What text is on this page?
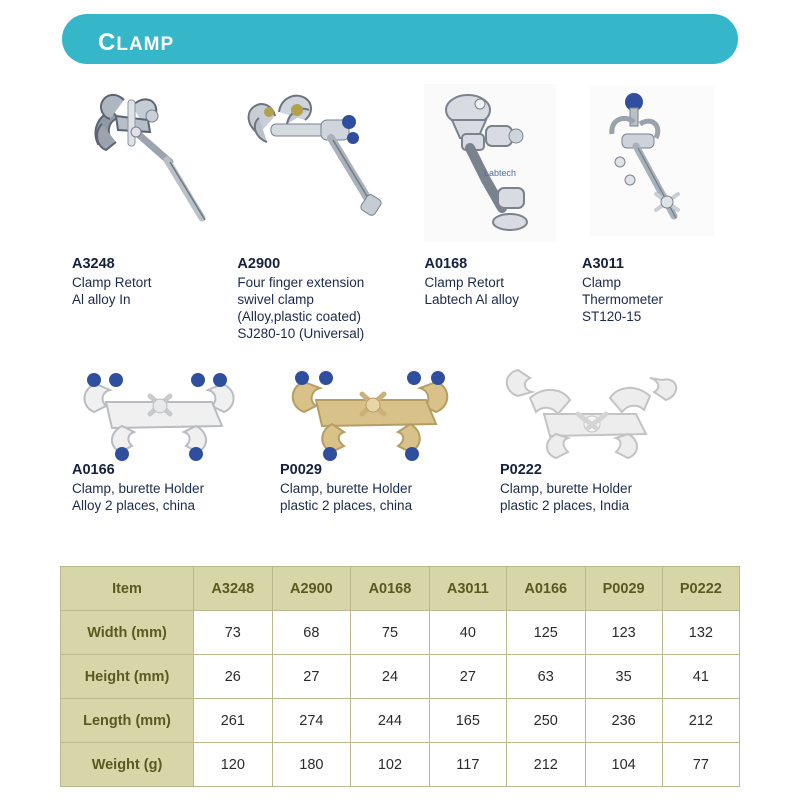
clamp
A3248
Clamp Retort
Al alloy In
A2900
Four finger extension
swivel clamp
(Alloy,plastic coated)
SJ280-10 (Universal)
Labtech
A0168
Clamp Retort
Labtech Al alloy
A3011
Clamp
Thermometer
ST120-15
A0166
Clamp, burette Holder
Alloy 2 places, china
P0029
Clamp, burette Holder
plastic 2 places, china
P0222
Clamp, burette Holder
plastic 2 places, India
Item	A3248	A2900	A0168	A3011	A0166	P0029	P0222
Width (mm)	73	68	75	40	125	123	132
Height (mm)	26	27	24	27	63	35	41
Length (mm)	261	274	244	165	250	236	212
Weight (g)	120	180	102	117	212	104	77
